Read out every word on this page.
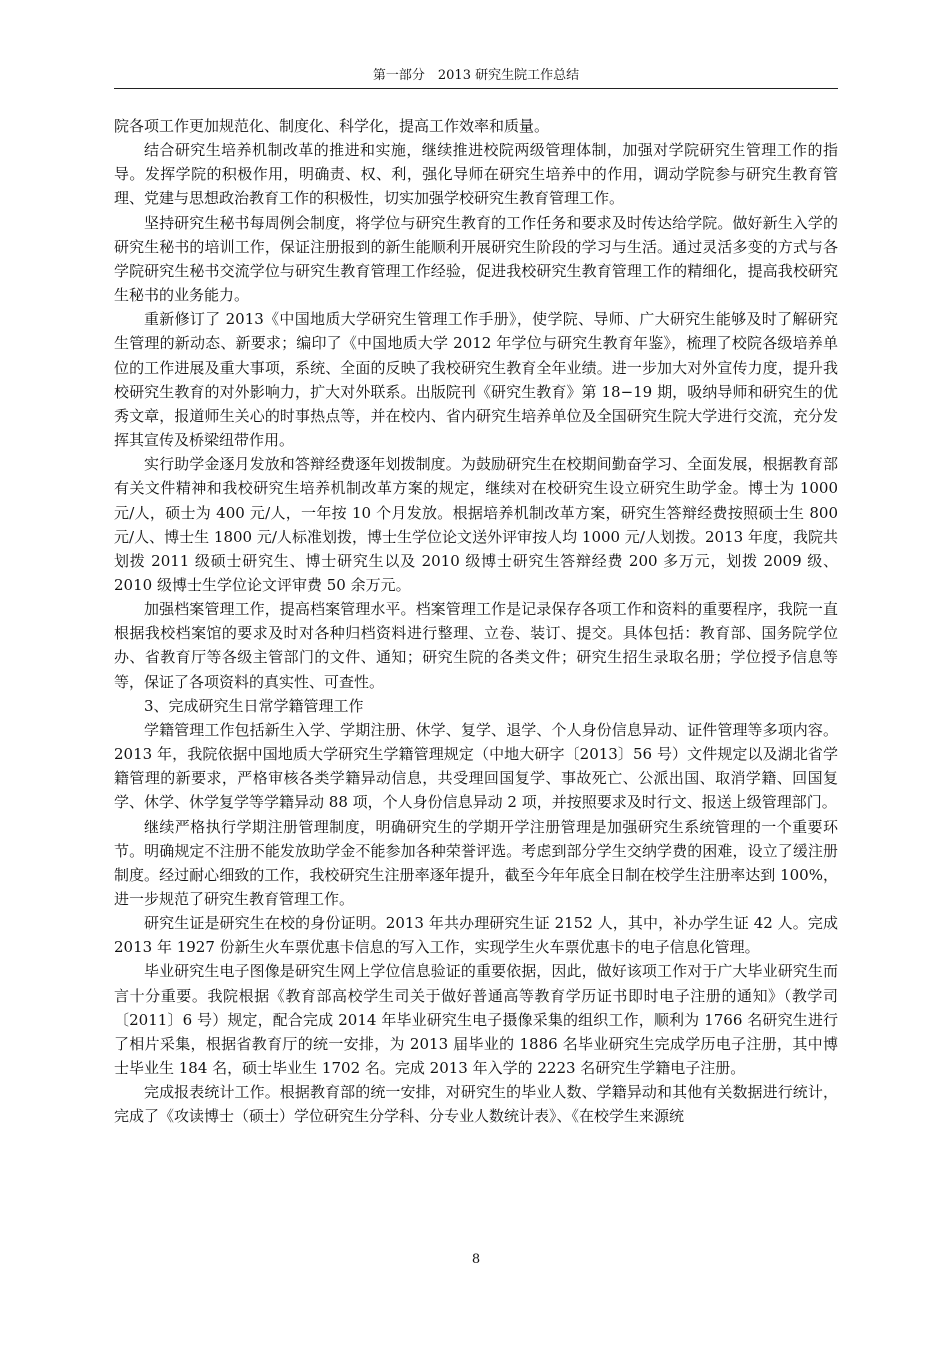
第一部分　2013 研究生院工作总结

院各项工作更加规范化、制度化、科学化，提高工作效率和质量。

结合研究生培养机制改革的推进和实施，继续推进校院两级管理体制，加强对学院研究生管理工作的指导。发挥学院的积极作用，明确责、权、利，强化导师在研究生培养中的作用，调动学院参与研究生教育管理、党建与思想政治教育工作的积极性，切实加强学校研究生教育管理工作。

坚持研究生秘书每周例会制度，将学位与研究生教育的工作任务和要求及时传达给学院。做好新生入学的研究生秘书的培训工作，保证注册报到的新生能顺利开展研究生阶段的学习与生活。通过灵活多变的方式与各学院研究生秘书交流学位与研究生教育管理工作经验，促进我校研究生教育管理工作的精细化，提高我校研究生秘书的业务能力。

重新修订了 2013《中国地质大学研究生管理工作手册》，使学院、导师、广大研究生能够及时了解研究生管理的新动态、新要求；编印了《中国地质大学 2012 年学位与研究生教育年鉴》，梳理了校院各级培养单位的工作进展及重大事项，系统、全面的反映了我校研究生教育全年业绩。进一步加大对外宣传力度，提升我校研究生教育的对外影响力，扩大对外联系。出版院刊《研究生教育》第 18−19 期，吸纳导师和研究生的优秀文章，报道师生关心的时事热点等，并在校内、省内研究生培养单位及全国研究生院大学进行交流，充分发挥其宣传及桥梁纽带作用。

实行助学金逐月发放和答辩经费逐年划拨制度。为鼓励研究生在校期间勤奋学习、全面发展，根据教育部有关文件精神和我校研究生培养机制改革方案的规定，继续对在校研究生设立研究生助学金。博士为 1000 元/人，硕士为 400 元/人，一年按 10 个月发放。根据培养机制改革方案，研究生答辩经费按照硕士生 800 元/人、博士生 1800 元/人标准划拨，博士生学位论文送外评审按人均 1000 元/人划拨。2013 年度，我院共划拨 2011 级硕士研究生、博士研究生以及 2010 级博士研究生答辩经费 200 多万元，划拨 2009 级、2010 级博士生学位论文评审费 50 余万元。

加强档案管理工作，提高档案管理水平。档案管理工作是记录保存各项工作和资料的重要程序，我院一直根据我校档案馆的要求及时对各种归档资料进行整理、立卷、装订、提交。具体包括：教育部、国务院学位办、省教育厅等各级主管部门的文件、通知；研究生院的各类文件；研究生招生录取名册；学位授予信息等等，保证了各项资料的真实性、可查性。

3、完成研究生日常学籍管理工作

学籍管理工作包括新生入学、学期注册、休学、复学、退学、个人身份信息异动、证件管理等多项内容。2013 年，我院依据中国地质大学研究生学籍管理规定（中地大研字〔2013〕56 号）文件规定以及湖北省学籍管理的新要求，严格审核各类学籍异动信息，共受理回国复学、事故死亡、公派出国、取消学籍、回国复学、休学、休学复学等学籍异动 88 项，个人身份信息异动 2 项，并按照要求及时行文、报送上级管理部门。

继续严格执行学期注册管理制度，明确研究生的学期开学注册管理是加强研究生系统管理的一个重要环节。明确规定不注册不能发放助学金不能参加各种荣誉评选。考虑到部分学生交纳学费的困难，设立了缓注册制度。经过耐心细致的工作，我校研究生注册率逐年提升，截至今年年底全日制在校学生注册率达到 100%，进一步规范了研究生教育管理工作。

研究生证是研究生在校的身份证明。2013 年共办理研究生证 2152 人，其中，补办学生证 42 人。完成 2013 年 1927 份新生火车票优惠卡信息的写入工作，实现学生火车票优惠卡的电子信息化管理。

毕业研究生电子图像是研究生网上学位信息验证的重要依据，因此，做好该项工作对于广大毕业研究生而言十分重要。我院根据《教育部高校学生司关于做好普通高等教育学历证书即时电子注册的通知》（教学司〔2011〕6 号）规定，配合完成 2014 年毕业研究生电子摄像采集的组织工作，顺利为 1766 名研究生进行了相片采集，根据省教育厅的统一安排，为 2013 届毕业的 1886 名毕业研究生完成学历电子注册，其中博士毕业生 184 名，硕士毕业生 1702 名。完成 2013 年入学的 2223 名研究生学籍电子注册。

完成报表统计工作。根据教育部的统一安排，对研究生的毕业人数、学籍异动和其他有关数据进行统计，完成了《攻读博士（硕士）学位研究生分学科、分专业人数统计表》、《在校学生来源统

8
